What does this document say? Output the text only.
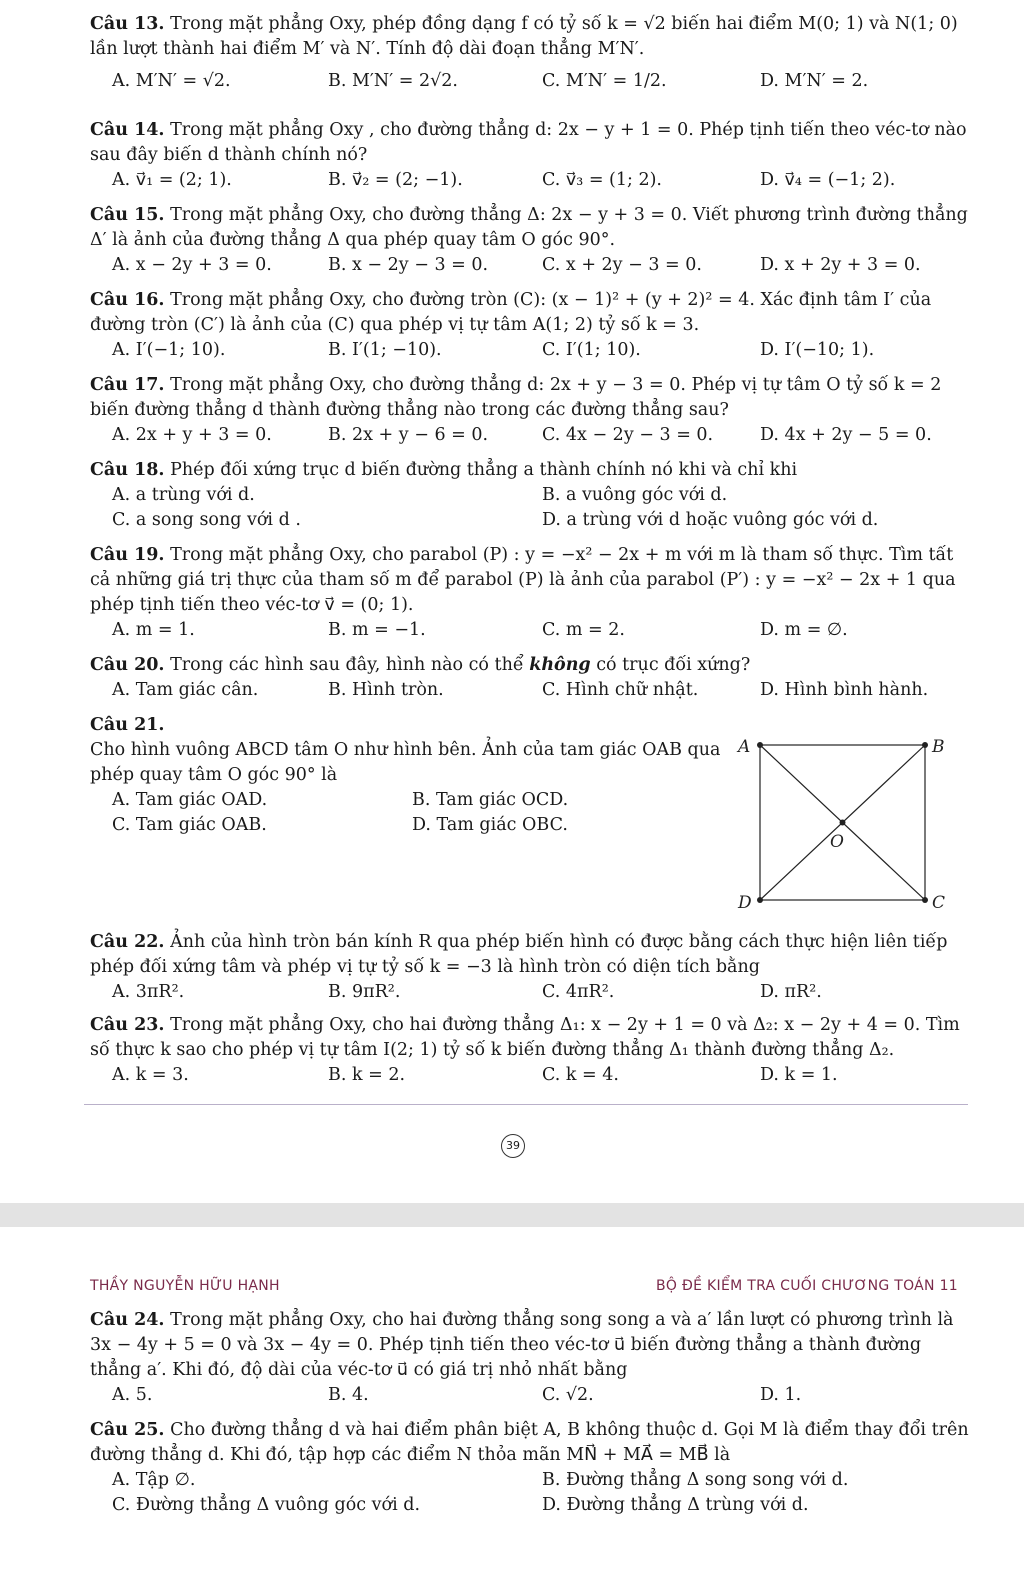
Câu 13. Trong mặt phẳng Oxy, phép đồng dạng f có tỷ số k = √2 biến hai điểm M(0; 1) và N(1; 0) lần lượt thành hai điểm M′ và N′. Tính độ dài đoạn thẳng M′N′.
A. M′N′ = √2.	B. M′N′ = 2√2.	C. M′N′ = 1/2.	D. M′N′ = 2.
Câu 14. Trong mặt phẳng Oxy , cho đường thẳng d: 2x − y + 1 = 0. Phép tịnh tiến theo véc-tơ nào sau đây biến d thành chính nó?
A. v⃗₁ = (2; 1).	B. v⃗₂ = (2; −1).	C. v⃗₃ = (1; 2).	D. v⃗₄ = (−1; 2).
Câu 15. Trong mặt phẳng Oxy, cho đường thẳng Δ: 2x − y + 3 = 0. Viết phương trình đường thẳng Δ′ là ảnh của đường thẳng Δ qua phép quay tâm O góc 90°.
A. x − 2y + 3 = 0.	B. x − 2y − 3 = 0.	C. x + 2y − 3 = 0.	D. x + 2y + 3 = 0.
Câu 16. Trong mặt phẳng Oxy, cho đường tròn (C): (x − 1)² + (y + 2)² = 4. Xác định tâm I′ của đường tròn (C′) là ảnh của (C) qua phép vị tự tâm A(1; 2) tỷ số k = 3.
A. I′(−1; 10).	B. I′(1; −10).	C. I′(1; 10).	D. I′(−10; 1).
Câu 17. Trong mặt phẳng Oxy, cho đường thẳng d: 2x + y − 3 = 0. Phép vị tự tâm O tỷ số k = 2 biến đường thẳng d thành đường thẳng nào trong các đường thẳng sau?
A. 2x + y + 3 = 0.	B. 2x + y − 6 = 0.	C. 4x − 2y − 3 = 0.	D. 4x + 2y − 5 = 0.
Câu 18. Phép đối xứng trục d biến đường thẳng a thành chính nó khi và chỉ khi
A. a trùng với d.	B. a vuông góc với d.
C. a song song với d .	D. a trùng với d hoặc vuông góc với d.
Câu 19. Trong mặt phẳng Oxy, cho parabol (P) : y = −x² − 2x + m với m là tham số thực. Tìm tất cả những giá trị thực của tham số m để parabol (P) là ảnh của parabol (P′) : y = −x² − 2x + 1 qua phép tịnh tiến theo véc-tơ v⃗ = (0; 1).
A. m = 1.	B. m = −1.	C. m = 2.	D. m = ∅.
Câu 20. Trong các hình sau đây, hình nào có thể không có trục đối xứng?
A. Tam giác cân.	B. Hình tròn.	C. Hình chữ nhật.	D. Hình bình hành.
Câu 21.
Cho hình vuông ABCD tâm O như hình bên. Ảnh của tam giác OAB qua phép quay tâm O góc 90° là
A. Tam giác OAD.	B. Tam giác OCD.
C. Tam giác OAB.	D. Tam giác OBC.
A	B
C
D
O
Câu 22. Ảnh của hình tròn bán kính R qua phép biến hình có được bằng cách thực hiện liên tiếp phép đối xứng tâm và phép vị tự tỷ số k = −3 là hình tròn có diện tích bằng
A. 3πR².	B. 9πR².	C. 4πR².	D. πR².
Câu 23. Trong mặt phẳng Oxy, cho hai đường thẳng Δ₁: x − 2y + 1 = 0 và Δ₂: x − 2y + 4 = 0. Tìm số thực k sao cho phép vị tự tâm I(2; 1) tỷ số k biến đường thẳng Δ₁ thành đường thẳng Δ₂.
A. k = 3.	B. k = 2.	C. k = 4.	D. k = 1.
39
THẦY NGUYỄN HỮU HẠNH	BỘ ĐỀ KIỂM TRA CUỐI CHƯƠNG TOÁN 11
Câu 24. Trong mặt phẳng Oxy, cho hai đường thẳng song song a và a′ lần lượt có phương trình là 3x − 4y + 5 = 0 và 3x − 4y = 0. Phép tịnh tiến theo véc-tơ u⃗ biến đường thẳng a thành đường thẳng a′. Khi đó, độ dài của véc-tơ u⃗ có giá trị nhỏ nhất bằng
A. 5.	B. 4.	C. √2.	D. 1.
Câu 25. Cho đường thẳng d và hai điểm phân biệt A, B không thuộc d. Gọi M là điểm thay đổi trên đường thẳng d. Khi đó, tập hợp các điểm N thỏa mãn MN⃗ + MA⃗ = MB⃗ là
A. Tập ∅.	B. Đường thẳng Δ song song với d.
C. Đường thẳng Δ vuông góc với d.	D. Đường thẳng Δ trùng với d.
